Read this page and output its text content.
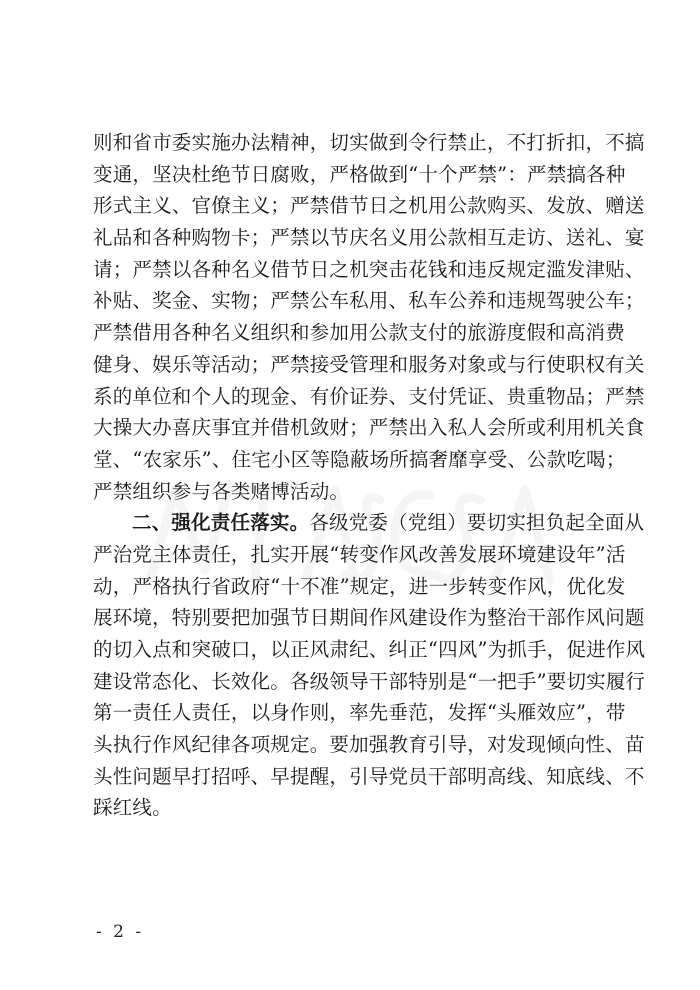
则和省市委实施办法精神，切实做到令行禁止，不打折扣，不搞
变通，坚决杜绝节日腐败，严格做到“十个严禁”：严禁搞各种
形式主义、官僚主义；严禁借节日之机用公款购买、发放、赠送
礼品和各种购物卡；严禁以节庆名义用公款相互走访、送礼、宴
请；严禁以各种名义借节日之机突击花钱和违反规定滥发津贴、
补贴、奖金、实物；严禁公车私用、私车公养和违规驾驶公车；
严禁借用各种名义组织和参加用公款支付的旅游度假和高消费
健身、娱乐等活动；严禁接受管理和服务对象或与行使职权有关
系的单位和个人的现金、有价证券、支付凭证、贵重物品；严禁
大操大办喜庆事宜并借机敛财；严禁出入私人会所或利用机关食
堂、“农家乐”、住宅小区等隐蔽场所搞奢靡享受、公款吃喝；
严禁组织参与各类赌博活动。
二、强化责任落实。各级党委（党组）要切实担负起全面从
严治党主体责任，扎实开展“转变作风改善发展环境建设年”活
动，严格执行省政府“十不准”规定，进一步转变作风，优化发
展环境，特别要把加强节日期间作风建设作为整治干部作风问题
的切入点和突破口，以正风肃纪、纠正“四风”为抓手，促进作风
建设常态化、长效化。各级领导干部特别是“一把手”要切实履行
第一责任人责任，以身作则，率先垂范，发挥“头雁效应”，带
头执行作风纪律各项规定。要加强教育引导，对发现倾向性、苗
头性问题早打招呼、早提醒，引导党员干部明高线、知底线、不
踩红线。
- 2 -
